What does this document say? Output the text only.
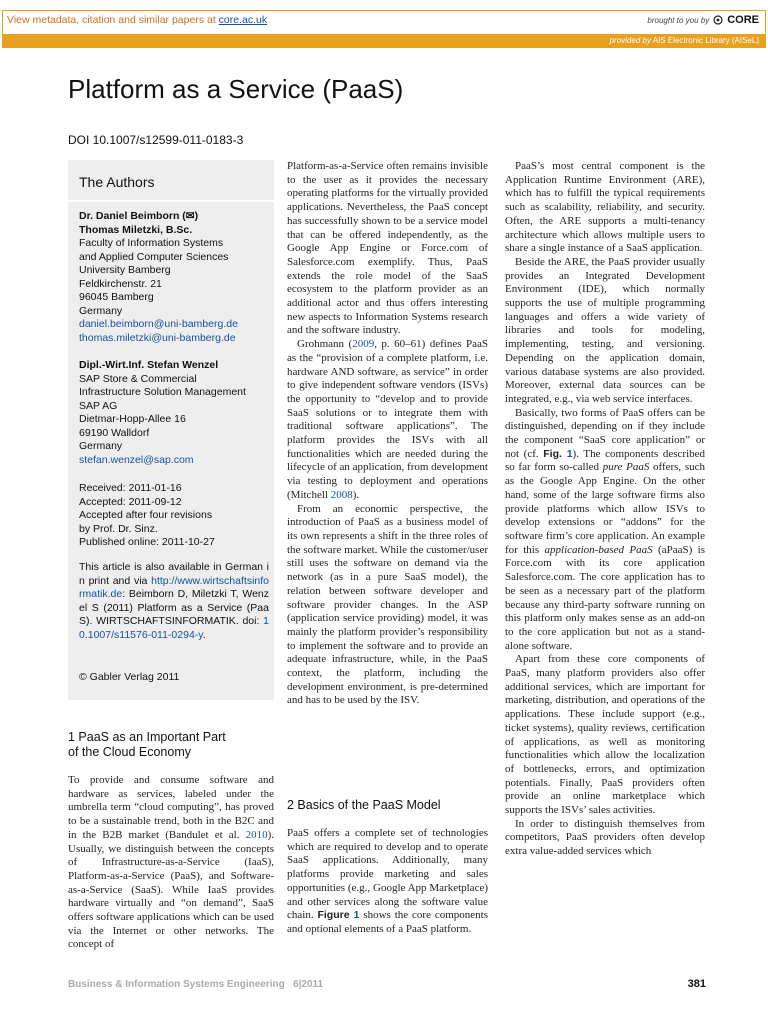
View metadata, citation and similar papers at core.ac.uk	brought to you by CORE
provided by AIS Electronic Library (AISeL)
Platform as a Service (PaaS)
DOI 10.1007/s12599-011-0183-3
The Authors
Dr. Daniel Beimborn (✉)
Thomas Miletzki, B.Sc.
Faculty of Information Systems
and Applied Computer Sciences
University Bamberg
Feldkirchenstr. 21
96045 Bamberg
Germany
daniel.beimborn@uni-bamberg.de
thomas.miletzki@uni-bamberg.de
Dipl.-Wirt.Inf. Stefan Wenzel
SAP Store & Commercial
Infrastructure Solution Management
SAP AG
Dietmar-Hopp-Allee 16
69190 Walldorf
Germany
stefan.wenzel@sap.com
Received: 2011-01-16
Accepted: 2011-09-12
Accepted after four revisions
by Prof. Dr. Sinz.
Published online: 2011-10-27
This article is also available in German in print and via http://www.wirtschaftsinformatik.de: Beimborn D, Miletzki T, Wenzel S (2011) Platform as a Service (PaaS). WIRTSCHAFTSINFORMATIK. doi: 10.1007/s11576-011-0294-y.
© Gabler Verlag 2011
1 PaaS as an Important Part
of the Cloud Economy

To provide and consume software and hardware as services, labeled under the umbrella term “cloud computing”, has proved to be a sustainable trend, both in the B2C and in the B2B market (Bandulet et al. 2010). Usually, we distinguish between the concepts of Infrastructure-as-a-Service (IaaS), Platform-as-a-Service (PaaS), and Software-as-a-Service (SaaS). While IaaS provides hardware virtually and “on demand”, SaaS offers software applications which can be used via the Internet or other networks. The concept of

Platform-as-a-Service often remains invisible to the user as it provides the necessary operating platforms for the virtually provided applications. Nevertheless, the PaaS concept has successfully shown to be a service model that can be offered independently, as the Google App Engine or Force.com of Salesforce.com exemplify. Thus, PaaS extends the role model of the SaaS ecosystem to the platform provider as an additional actor and thus offers interesting new aspects to Information Systems research and the software industry.

Grohmann (2009, p. 60–61) defines PaaS as the “provision of a complete platform, i.e. hardware AND software, as service” in order to give independent software vendors (ISVs) the opportunity to “develop and to provide SaaS solutions or to integrate them with traditional software applications”. The platform provides the ISVs with all functionalities which are needed during the lifecycle of an application, from development via testing to deployment and operations (Mitchell 2008).

From an economic perspective, the introduction of PaaS as a business model of its own represents a shift in the three roles of the software market. While the customer/user still uses the software on demand via the network (as in a pure SaaS model), the relation between software developer and software provider changes. In the ASP (application service providing) model, it was mainly the platform provider’s responsibility to implement the software and to provide an adequate infrastructure, while, in the PaaS context, the platform, including the development environment, is pre-determined and has to be used by the ISV.

2 Basics of the PaaS Model

PaaS offers a complete set of technologies which are required to develop and to operate SaaS applications. Additionally, many platforms provide marketing and sales opportunities (e.g., Google App Marketplace) and other services along the software value chain. Figure 1 shows the core components and optional elements of a PaaS platform.

PaaS’s most central component is the Application Runtime Environment (ARE), which has to fulfill the typical requirements such as scalability, reliability, and security. Often, the ARE supports a multi-tenancy architecture which allows multiple users to share a single instance of a SaaS application.

Beside the ARE, the PaaS provider usually provides an Integrated Development Environment (IDE), which normally supports the use of multiple programming languages and offers a wide variety of libraries and tools for modeling, implementing, testing, and versioning. Depending on the application domain, various database systems are also provided. Moreover, external data sources can be integrated, e.g., via web service interfaces.

Basically, two forms of PaaS offers can be distinguished, depending on if they include the component “SaaS core application” or not (cf. Fig. 1). The components described so far form so-called pure PaaS offers, such as the Google App Engine. On the other hand, some of the large software firms also provide platforms which allow ISVs to develop extensions or “addons” for the software firm’s core application. An example for this application-based PaaS (aPaaS) is Force.com with its core application Salesforce.com. The core application has to be seen as a necessary part of the platform because any third-party software running on this platform only makes sense as an add-on to the core application but not as a stand-alone software.

Apart from these core components of PaaS, many platform providers also offer additional services, which are important for marketing, distribution, and operations of the applications. These include support (e.g., ticket systems), quality reviews, certification of applications, as well as monitoring functionalities which allow the localization of bottlenecks, errors, and optimization potentials. Finally, PaaS providers often provide an online marketplace which supports the ISVs’ sales activities.

In order to distinguish themselves from competitors, PaaS providers often develop extra value-added services which

Business & Information Systems Engineering 6|2011	381
